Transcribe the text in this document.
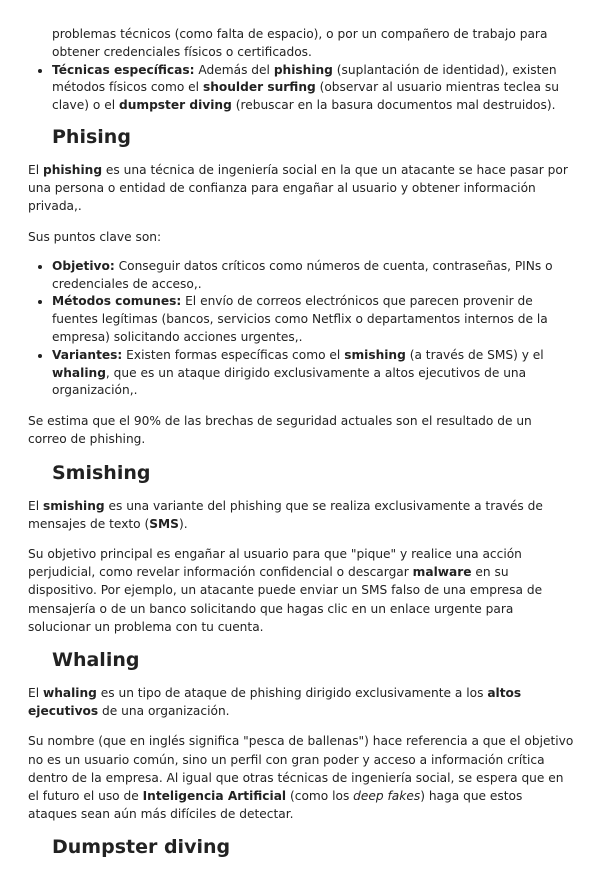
problemas técnicos (como falta de espacio), o por un compañero de trabajo para obtener credenciales físicos o certificados.
• Técnicas específicas: Además del phishing (suplantación de identidad), existen métodos físicos como el shoulder surfing (observar al usuario mientras teclea su clave) o el dumpster diving (rebuscar en la basura documentos mal destruidos).
Phising

El phishing es una técnica de ingeniería social en la que un atacante se hace pasar por una persona o entidad de confianza para engañar al usuario y obtener información privada,.

Sus puntos clave son:

• Objetivo: Conseguir datos críticos como números de cuenta, contraseñas, PINs o credenciales de acceso,.
• Métodos comunes: El envío de correos electrónicos que parecen provenir de fuentes legítimas (bancos, servicios como Netflix o departamentos internos de la empresa) solicitando acciones urgentes,.
• Variantes: Existen formas específicas como el smishing (a través de SMS) y el whaling, que es un ataque dirigido exclusivamente a altos ejecutivos de una organización,.

Se estima que el 90% de las brechas de seguridad actuales son el resultado de un correo de phishing.

Smishing

El smishing es una variante del phishing que se realiza exclusivamente a través de mensajes de texto (SMS).

Su objetivo principal es engañar al usuario para que "pique" y realice una acción perjudicial, como revelar información confidencial o descargar malware en su dispositivo. Por ejemplo, un atacante puede enviar un SMS falso de una empresa de mensajería o de un banco solicitando que hagas clic en un enlace urgente para solucionar un problema con tu cuenta.

Whaling

El whaling es un tipo de ataque de phishing dirigido exclusivamente a los altos ejecutivos de una organización.

Su nombre (que en inglés significa "pesca de ballenas") hace referencia a que el objetivo no es un usuario común, sino un perfil con gran poder y acceso a información crítica dentro de la empresa. Al igual que otras técnicas de ingeniería social, se espera que en el futuro el uso de Inteligencia Artificial (como los deep fakes) haga que estos ataques sean aún más difíciles de detectar.

Dumpster diving
